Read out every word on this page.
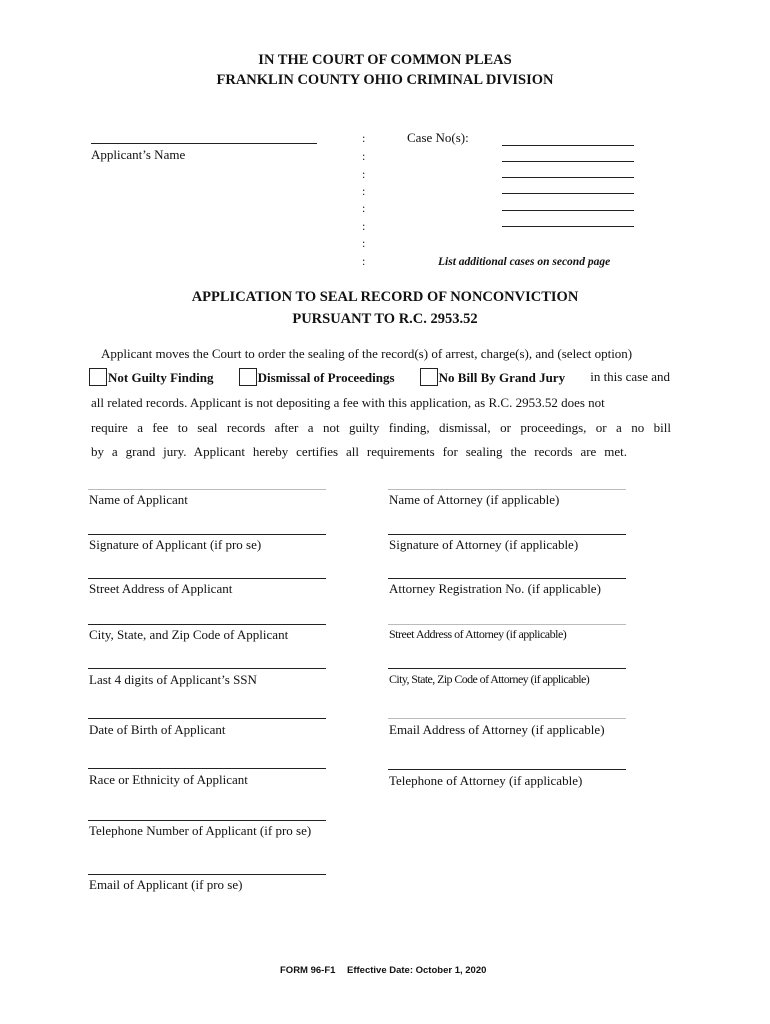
IN THE COURT OF COMMON PLEAS
FRANKLIN COUNTY OHIO CRIMINAL DIVISION
Applicant’s Name
:
:
:
:
:
:
:
:
Case No(s):
List additional cases on second page
APPLICATION TO SEAL RECORD OF NONCONVICTION
PURSUANT TO R.C. 2953.52
Applicant moves the Court to order the sealing of the record(s) of arrest, charge(s), and (select option)
Not Guilty Finding	Dismissal of Proceedings	No Bill By Grand Jury in this case and
all related records. Applicant is not depositing a fee with this application, as R.C. 2953.52 does not
require a fee to seal records after a not guilty finding, dismissal, or proceedings, or a no bill
by a grand jury. Applicant hereby certifies all requirements for sealing the records are met.
Name of Applicant
Signature of Applicant (if pro se)
Street Address of Applicant
City, State, and Zip Code of Applicant
Last 4 digits of Applicant’s SSN
Date of Birth of Applicant
Race or Ethnicity of Applicant
Telephone Number of Applicant (if pro se)
Email of Applicant (if pro se)
Name of Attorney (if applicable)
Signature of Attorney (if applicable)
Attorney Registration No. (if applicable)
Street Address of Attorney (if applicable)
City, State, Zip Code of Attorney (if applicable)
Email Address of Attorney (if applicable)
Telephone of Attorney (if applicable)
FORM 96-F1 Effective Date: October 1, 2020
